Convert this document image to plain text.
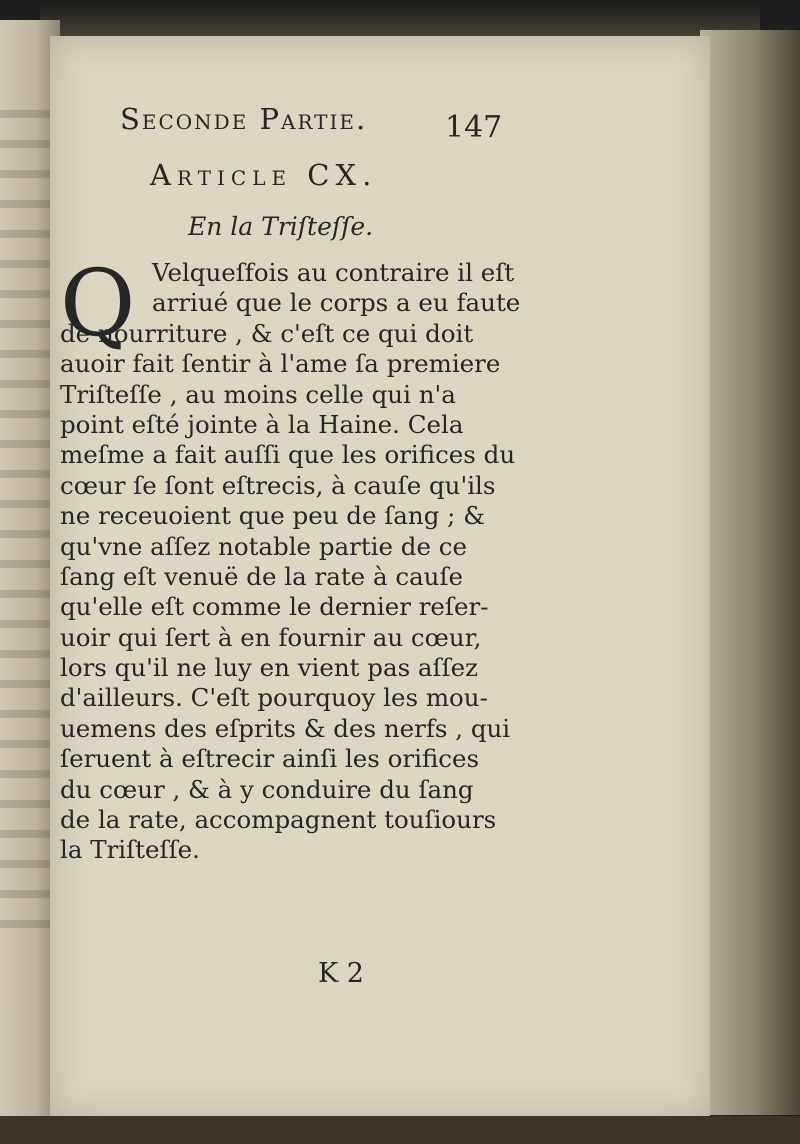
Seconde Partie.	147
Article CX.
En la Triſteſſe.
Q Velqueſfois au contraire il eſt
arriué que le corps a eu faute
de nourriture , & c'eſt ce qui doit
auoir fait ſentir à l'ame ſa premiere
Triſteſſe , au moins celle qui n'a
point eſté jointe à la Haine. Cela
meſme a fait auſſi que les orifices du
cœur ſe ſont eſtrecis, à cauſe qu'ils
ne receuoient que peu de ſang ; &
qu'vne aſſez notable partie de ce
ſang eſt venuë de la rate à cauſe
qu'elle eſt comme le dernier reſer-
uoir qui ſert à en fournir au cœur,
lors qu'il ne luy en vient pas aſſez
d'ailleurs. C'eſt pourquoy les mou-
uemens des eſprits & des nerfs , qui
ſeruent à eſtrecir ainſi les orifices
du cœur , & à y conduire du ſang
de la rate, accompagnent touſiours
la Triſteſſe.
K 2
